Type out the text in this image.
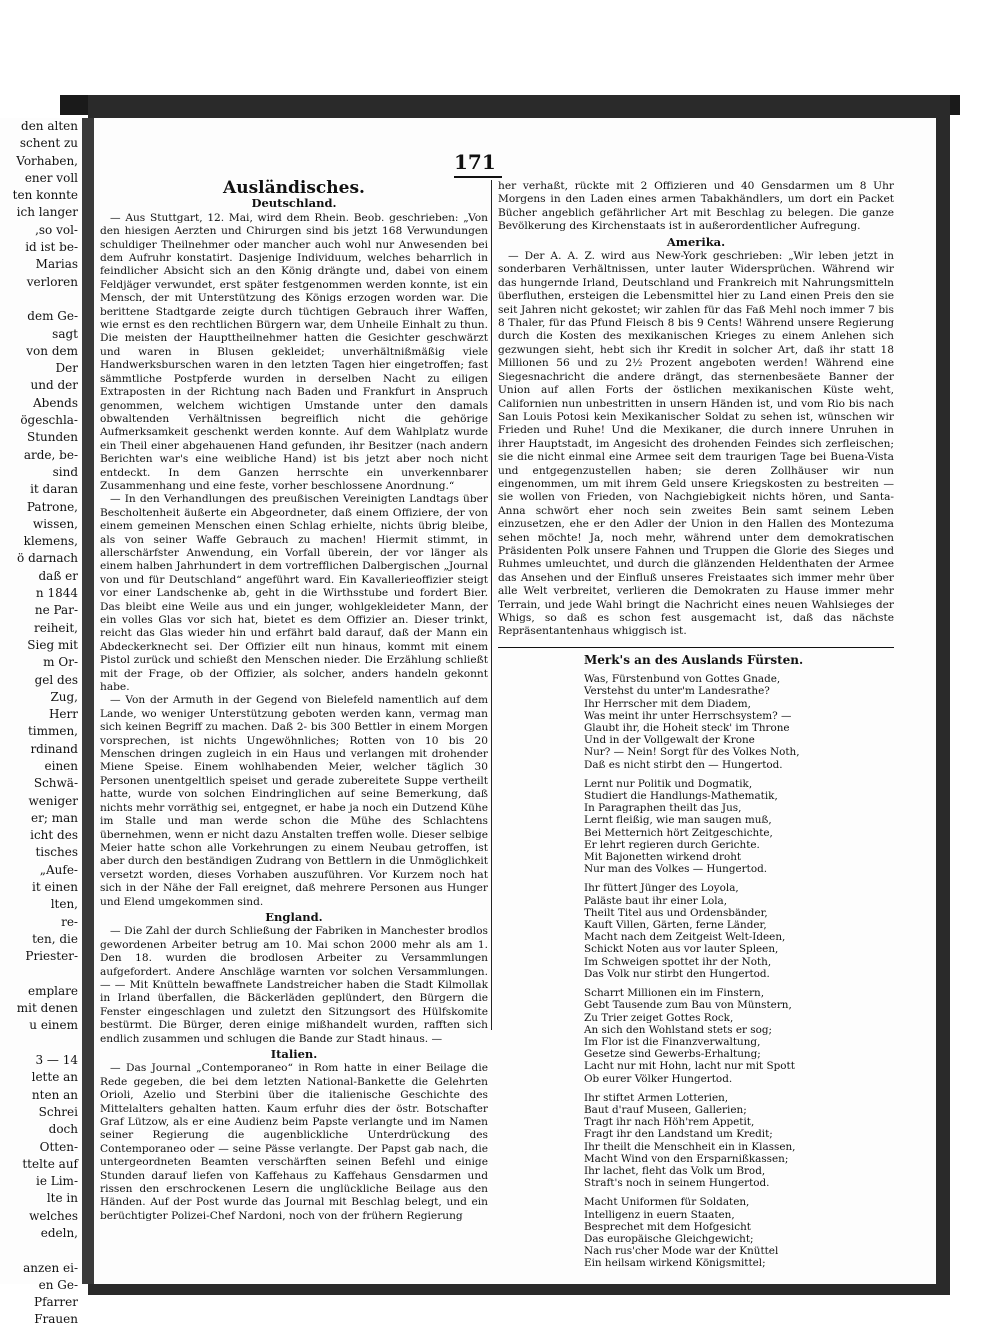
den alten
schent zu
Vorhaben,
ener voll
ten konnte
ich langer
,so vol-
id ist be-
Marias
verloren

dem Ge-
sagt
von dem
Der
und der
Abends
ögeschla-
Stunden
arde, be-
sind
it daran
Patrone,
wissen,
klemens,
ö darnach
daß er
n 1844
ne Par-
reiheit,
Sieg mit
m Or-
gel des
Zug,
Herr
timmen,
rdinand
einen
Schwä-
weniger
er; man
icht des
tisches
„Aufe-
it einen
lten,
re-
ten, die
Priester-

emplare
mit denen
u einem

3 — 14
lette an
nten an
Schrei
doch
Otten-
ttelte auf
ie Lim-
lte in
welches
edeln,

anzen ei-
en Ge-
Pfarrer
Frauen
171
Ausländisches.
Deutschland.

— Aus Stuttgart, 12. Mai, wird dem Rhein. Beob. geschrieben: „Von den hiesigen Aerzten und Chirurgen sind bis jetzt 168 Verwundungen schuldiger Theilnehmer oder mancher auch wohl nur Anwesenden bei dem Aufruhr konstatirt. Dasjenige Individuum, welches beharrlich in feindlicher Absicht sich an den König drängte und, dabei von einem Feldjäger verwundet, erst später festgenommen werden konnte, ist ein Mensch, der mit Unterstützung des Königs erzogen worden war. Die berittene Stadtgarde zeigte durch tüchtigen Gebrauch ihrer Waffen, wie ernst es den rechtlichen Bürgern war, dem Unheile Einhalt zu thun. Die meisten der Haupttheilnehmer hatten die Gesichter geschwärzt und waren in Blusen gekleidet; unverhältnißmäßig viele Handwerksburschen waren in den letzten Tagen hier eingetroffen; fast sämmtliche Postpferde wurden in derselben Nacht zu eiligen Extraposten in der Richtung nach Baden und Frankfurt in Anspruch genommen, welchem wichtigen Umstande unter den damals obwaltenden Verhältnissen begreiflich nicht die gehörige Aufmerksamkeit geschenkt werden konnte. Auf dem Wahlplatz wurde ein Theil einer abgehauenen Hand gefunden, ihr Besitzer (nach andern Berichten war's eine weibliche Hand) ist bis jetzt aber noch nicht entdeckt. In dem Ganzen herrschte ein unverkennbarer Zusammenhang und eine feste, vorher beschlossene Anordnung.“

— In den Verhandlungen des preußischen Vereinigten Landtags über Bescholtenheit äußerte ein Abgeordneter, daß einem Offiziere, der von einem gemeinen Menschen einen Schlag erhielte, nichts übrig bleibe, als von seiner Waffe Gebrauch zu machen! Hiermit stimmt, in allerschärfster Anwendung, ein Vorfall überein, der vor länger als einem halben Jahrhundert in dem vortrefflichen Dalbergischen „Journal von und für Deutschland“ angeführt ward. Ein Kavallerieoffizier steigt vor einer Landschenke ab, geht in die Wirthsstube und fordert Bier. Das bleibt eine Weile aus und ein junger, wohlgekleideter Mann, der ein volles Glas vor sich hat, bietet es dem Offizier an. Dieser trinkt, reicht das Glas wieder hin und erfährt bald darauf, daß der Mann ein Abdeckerknecht sei. Der Offizier eilt nun hinaus, kommt mit einem Pistol zurück und schießt den Menschen nieder. Die Erzählung schließt mit der Frage, ob der Offizier, als solcher, anders handeln gekonnt habe.

— Von der Armuth in der Gegend von Bielefeld namentlich auf dem Lande, wo weniger Unterstützung geboten werden kann, vermag man sich keinen Begriff zu machen. Daß 2- bis 300 Bettler in einem Morgen vorsprechen, ist nichts Ungewöhnliches; Rotten von 10 bis 20 Menschen dringen zugleich in ein Haus und verlangen mit drohender Miene Speise. Einem wohlhabenden Meier, welcher täglich 30 Personen unentgeltlich speiset und gerade zubereitete Suppe vertheilt hatte, wurde von solchen Eindringlichen auf seine Bemerkung, daß nichts mehr vorräthig sei, entgegnet, er habe ja noch ein Dutzend Kühe im Stalle und man werde schon die Mühe des Schlachtens übernehmen, wenn er nicht dazu Anstalten treffen wolle. Dieser selbige Meier hatte schon alle Vorkehrungen zu einem Neubau getroffen, ist aber durch den beständigen Zudrang von Bettlern in die Unmöglichkeit versetzt worden, dieses Vorhaben auszuführen. Vor Kurzem noch hat sich in der Nähe der Fall ereignet, daß mehrere Personen aus Hunger und Elend umgekommen sind.

England.

— Die Zahl der durch Schließung der Fabriken in Manchester brodlos gewordenen Arbeiter betrug am 10. Mai schon 2000 mehr als am 1. Den 18. wurden die brodlosen Arbeiter zu Versammlungen aufgefordert. Andere Anschläge warnten vor solchen Versammlungen. — — Mit Knütteln bewaffnete Landstreicher haben die Stadt Kilmollak in Irland überfallen, die Bäckerläden geplündert, den Bürgern die Fenster eingeschlagen und zuletzt den Sitzungsort des Hülfskomite bestürmt. Die Bürger, deren einige mißhandelt wurden, rafften sich endlich zusammen und schlugen die Bande zur Stadt hinaus. —

Italien.

— Das Journal „Contemporaneo“ in Rom hatte in einer Beilage die Rede gegeben, die bei dem letzten National-Bankette die Gelehrten Orioli, Azelio und Sterbini über die italienische Geschichte des Mittelalters gehalten hatten. Kaum erfuhr dies der östr. Botschafter Graf Lützow, als er eine Audienz beim Papste verlangte und im Namen seiner Regierung die augenblickliche Unterdrückung des Contemporaneo oder — seine Pässe verlangte. Der Papst gab nach, die untergeordneten Beamten verschärften seinen Befehl und einige Stunden darauf liefen von Kaffehaus zu Kaffehaus Gensdarmen und rissen den erschrockenen Lesern die unglückliche Beilage aus den Händen. Auf der Post wurde das Journal mit Beschlag belegt, und ein berüchtigter Polizei-Chef Nardoni, noch von der frühern Regierung

her verhaßt, rückte mit 2 Offizieren und 40 Gensdarmen um 8 Uhr Morgens in den Laden eines armen Tabakhändlers, um dort ein Packet Bücher angeblich gefährlicher Art mit Beschlag zu belegen. Die ganze Bevölkerung des Kirchenstaats ist in außerordentlicher Aufregung.

Amerika.

— Der A. A. Z. wird aus New-York geschrieben: „Wir leben jetzt in sonderbaren Verhältnissen, unter lauter Widersprüchen. Während wir das hungernde Irland, Deutschland und Frankreich mit Nahrungsmitteln überfluthen, ersteigen die Lebensmittel hier zu Land einen Preis den sie seit Jahren nicht gekostet; wir zahlen für das Faß Mehl noch immer 7 bis 8 Thaler, für das Pfund Fleisch 8 bis 9 Cents! Während unsere Regierung durch die Kosten des mexikanischen Krieges zu einem Anlehen sich gezwungen sieht, hebt sich ihr Kredit in solcher Art, daß ihr statt 18 Millionen 56 und zu 2½ Prozent angeboten werden! Während eine Siegesnachricht die andere drängt, das sternenbesäete Banner der Union auf allen Forts der östlichen mexikanischen Küste weht, Californien nun unbestritten in unsern Händen ist, und vom Rio bis nach San Louis Potosi kein Mexikanischer Soldat zu sehen ist, wünschen wir Frieden und Ruhe! Und die Mexikaner, die durch innere Unruhen in ihrer Hauptstadt, im Angesicht des drohenden Feindes sich zerfleischen; sie die nicht einmal eine Armee seit dem traurigen Tage bei Buena-Vista und entgegenzustellen haben; sie deren Zollhäuser wir nun eingenommen, um mit ihrem Geld unsere Kriegskosten zu bestreiten — sie wollen von Frieden, von Nachgiebigkeit nichts hören, und Santa-Anna schwört eher noch sein zweites Bein samt seinem Leben einzusetzen, ehe er den Adler der Union in den Hallen des Montezuma sehen möchte! Ja, noch mehr, während unter dem demokratischen Präsidenten Polk unsere Fahnen und Truppen die Glorie des Sieges und Ruhmes umleuchtet, und durch die glänzenden Heldenthaten der Armee das Ansehen und der Einfluß unseres Freistaates sich immer mehr über alle Welt verbreitet, verlieren die Demokraten zu Hause immer mehr Terrain, und jede Wahl bringt die Nachricht eines neuen Wahlsieges der Whigs, so daß es schon fest ausgemacht ist, daß das nächste Repräsentantenhaus whiggisch ist.

Merk's an des Auslands Fürsten.
Was, Fürstenbund von Gottes Gnade,
Verstehst du unter'm Landesrathe?
Ihr Herrscher mit dem Diadem,
Was meint ihr unter Herrschsystem? —
Glaubt ihr, die Hoheit steck' im Throne
Und in der Vollgewalt der Krone
Nur? — Nein! Sorgt für des Volkes Noth,
Daß es nicht stirbt den — Hungertod.
Lernt nur Politik und Dogmatik,
Studiert die Handlungs-Mathematik,
In Paragraphen theilt das Jus,
Lernt fleißig, wie man saugen muß,
Bei Metternich hört Zeitgeschichte,
Er lehrt regieren durch Gerichte.
Mit Bajonetten wirkend droht
Nur man des Volkes — Hungertod.
Ihr füttert Jünger des Loyola,
Paläste baut ihr einer Lola,
Theilt Titel aus und Ordensbänder,
Kauft Villen, Gärten, ferne Länder,
Macht nach dem Zeitgeist Welt-Ideen,
Schickt Noten aus vor lauter Spleen,
Im Schweigen spottet ihr der Noth,
Das Volk nur stirbt den Hungertod.
Scharrt Millionen ein im Finstern,
Gebt Tausende zum Bau von Münstern,
Zu Trier zeiget Gottes Rock,
An sich den Wohlstand stets er sog;
Im Flor ist die Finanzverwaltung,
Gesetze sind Gewerbs-Erhaltung;
Lacht nur mit Hohn, lacht nur mit Spott
Ob eurer Völker Hungertod.
Ihr stiftet Armen Lotterien,
Baut d'rauf Museen, Gallerien;
Tragt ihr nach Höh'rem Appetit,
Fragt ihr den Landstand um Kredit;
Ihr theilt die Menschheit ein in Klassen,
Macht Wind von den Ersparnißkassen;
Ihr lachet, fleht das Volk um Brod,
Straft's noch in seinem Hungertod.
Macht Uniformen für Soldaten,
Intelligenz in euern Staaten,
Besprechet mit dem Hofgesicht
Das europäische Gleichgewicht;
Nach rus'cher Mode war der Knüttel
Ein heilsam wirkend Königsmittel;
